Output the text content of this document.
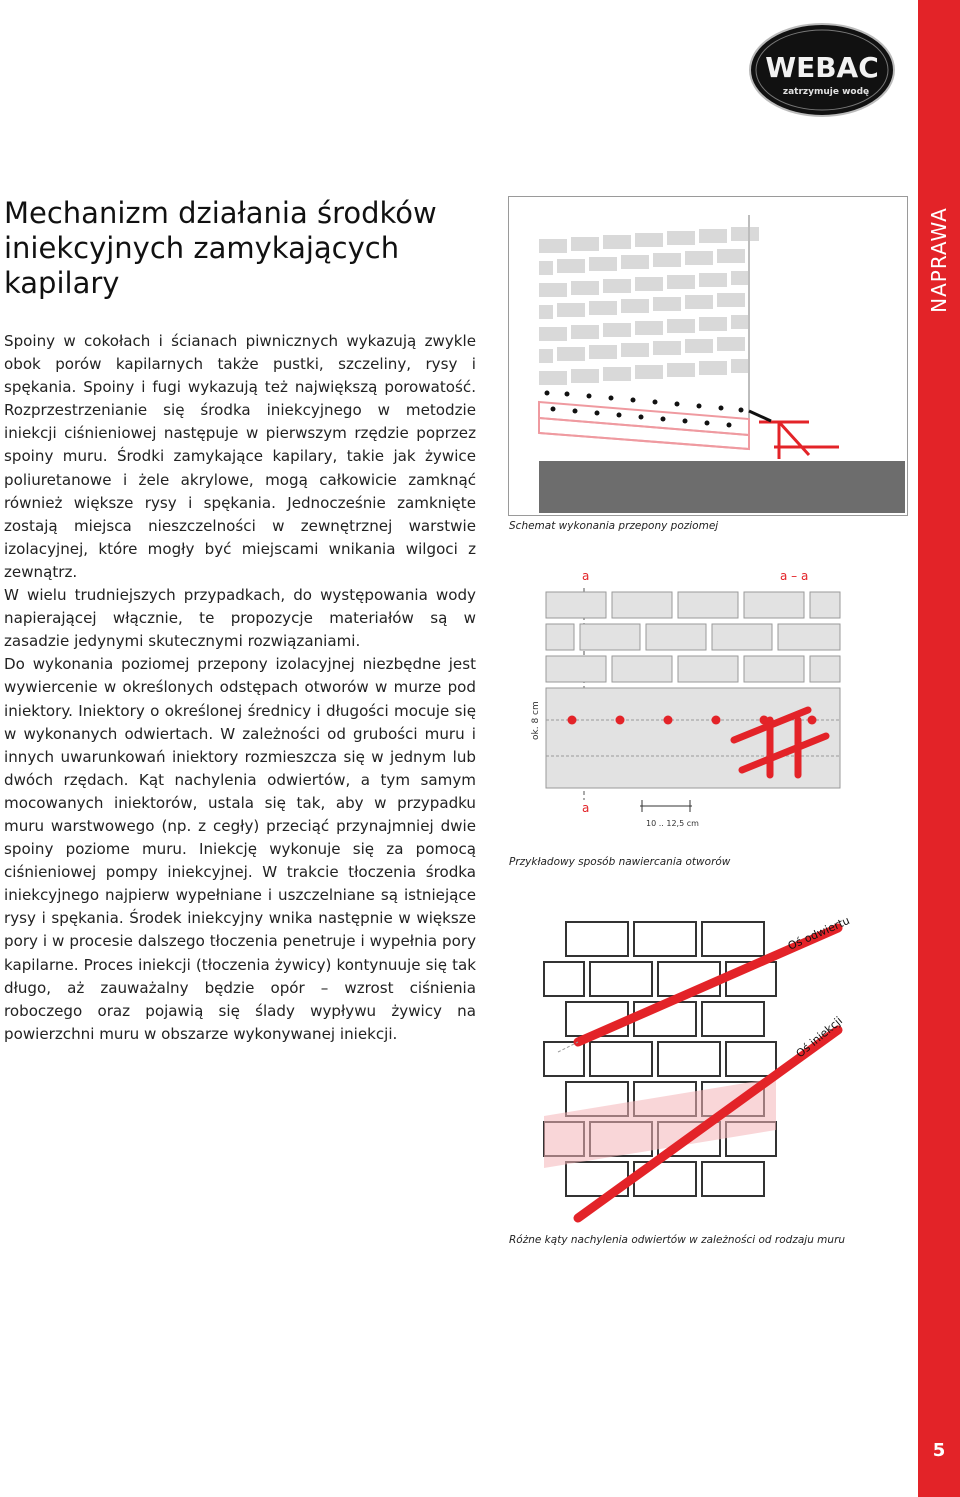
NAPRAWA
5
WEBAC
zatrzymuje wodę
Mechanizm działania środków
iniekcyjnych zamykających
kapilary

Spoiny w cokołach i ścianach piwnicznych wykazują zwykle obok porów kapilarnych także pustki, szczeliny, rysy i spękania. Spoiny i fugi wykazują też największą porowatość. Rozprzestrzenianie się środka iniekcyjnego w metodzie iniekcji ciśnieniowej następuje w pierwszym rzędzie poprzez spoiny muru. Środki zamykające kapilary, takie jak żywice poliuretanowe i żele akrylowe, mogą całkowicie zamknąć również większe rysy i spękania. Jednocześnie zamknięte zostają miejsca nieszczelności w zewnętrznej warstwie izolacyjnej, które mogły być miejscami wnikania wilgoci z zewnątrz.

W wielu trudniejszych przypadkach, do występowania wody napierającej włącznie, te propozycje materiałów są w zasadzie jedynymi skutecznymi rozwiązaniami.

Do wykonania poziomej przepony izolacyjnej niezbędne jest wywiercenie w określonych odstępach otworów w murze pod iniektory. Iniektory o określonej średnicy i długości mocuje się w wykonanych odwiertach. W zależności od grubości muru i innych uwarunkowań iniektory rozmieszcza się w jednym lub dwóch rzędach. Kąt nachylenia odwiertów, a tym samym mocowanych iniektorów, ustala się tak, aby w przypadku muru warstwowego (np. z cegły) przeciąć przynajmniej dwie spoiny poziome muru. Iniekcję wykonuje się za pomocą ciśnieniowej pompy iniekcyjnej. W trakcie tłoczenia środka iniekcyjnego najpierw wypełniane i uszczelniane są istniejące rysy i spękania. Środek iniekcyjny wnika następnie w większe pory i w procesie dalszego tłoczenia penetruje i wypełnia pory kapilarne. Proces iniekcji (tłoczenia żywicy) kontynuuje się tak długo, aż zauważalny będzie opór – wzrost ciśnienia roboczego oraz pojawią się ślady wypływu żywicy na powierzchni muru w obszarze wykonywanej iniekcji.

Schemat wykonania przepony poziomej
a	a – a
ok. 8 cm
a
10 .. 12,5 cm
Przykładowy sposób nawiercania otworów
Oś odwiertu
Oś iniekcji
Różne kąty nachylenia odwiertów w zależności od rodzaju muru
